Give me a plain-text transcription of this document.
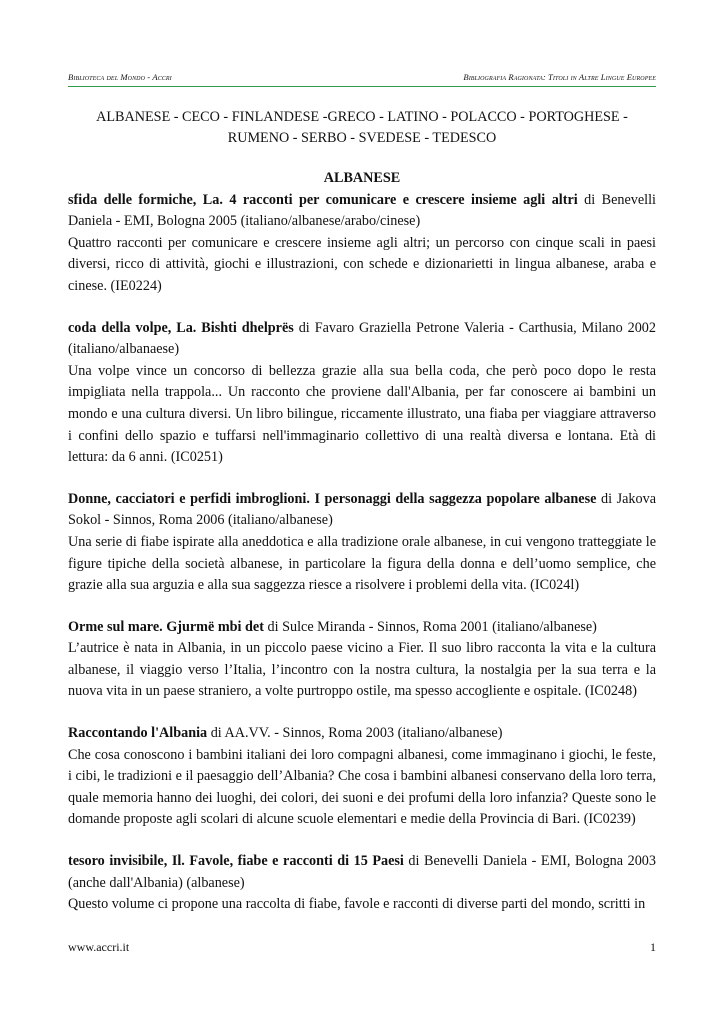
Biblioteca del Mondo - Accri	Bibliografia Ragionata: Titoli in Altre Lingue Europee
ALBANESE - CECO - FINLANDESE -GRECO - LATINO - POLACCO - PORTOGHESE -
RUMENO - SERBO - SVEDESE - TEDESCO

ALBANESE

sfida delle formiche, La. 4 racconti per comunicare e crescere insieme agli altri di Benevelli Daniela - EMI, Bologna 2005 (italiano/albanese/arabo/cinese)

Quattro racconti per comunicare e crescere insieme agli altri; un percorso con cinque scali in paesi diversi, ricco di attività, giochi e illustrazioni, con schede e dizionarietti in lingua albanese, araba e cinese. (IE0224)

coda della volpe, La. Bishti dhelprës di Favaro Graziella Petrone Valeria - Carthusia, Milano 2002 (italiano/albanaese)

Una volpe vince un concorso di bellezza grazie alla sua bella coda, che però poco dopo le resta impigliata nella trappola... Un racconto che proviene dall'Albania, per far conoscere ai bambini un mondo e una cultura diversi. Un libro bilingue, riccamente illustrato, una fiaba per viaggiare attraverso i confini dello spazio e tuffarsi nell'immaginario collettivo di una realtà diversa e lontana. Età di lettura: da 6 anni. (IC0251)

Donne, cacciatori e perfidi imbroglioni. I personaggi della saggezza popolare albanese di Jakova Sokol - Sinnos, Roma 2006 (italiano/albanese)

Una serie di fiabe ispirate alla aneddotica e alla tradizione orale albanese, in cui vengono tratteggiate le figure tipiche della società albanese, in particolare la figura della donna e dell’uomo semplice, che grazie alla sua arguzia e alla sua saggezza riesce a risolvere i problemi della vita. (IC024l)

Orme sul mare. Gjurmë mbi det di Sulce Miranda - Sinnos, Roma 2001 (italiano/albanese)

L’autrice è nata in Albania, in un piccolo paese vicino a Fier. Il suo libro racconta la vita e la cultura albanese, il viaggio verso l’Italia, l’incontro con la nostra cultura, la nostalgia per la sua terra e la nuova vita in un paese straniero, a volte purtroppo ostile, ma spesso accogliente e ospitale. (IC0248)

Raccontando l'Albania di AA.VV. - Sinnos, Roma 2003 (italiano/albanese)

Che cosa conoscono i bambini italiani dei loro compagni albanesi, come immaginano i giochi, le feste, i cibi, le tradizioni e il paesaggio dell’Albania? Che cosa i bambini albanesi conservano della loro terra, quale memoria hanno dei luoghi, dei colori, dei suoni e dei profumi della loro infanzia? Queste sono le domande proposte agli scolari di alcune scuole elementari e medie della Provincia di Bari. (IC0239)

tesoro invisibile, Il. Favole, fiabe e racconti di 15 Paesi di Benevelli Daniela - EMI, Bologna 2003 (anche dall'Albania) (albanese)

Questo volume ci propone una raccolta di fiabe, favole e racconti di diverse parti del mondo, scritti in

www.accri.it	1
